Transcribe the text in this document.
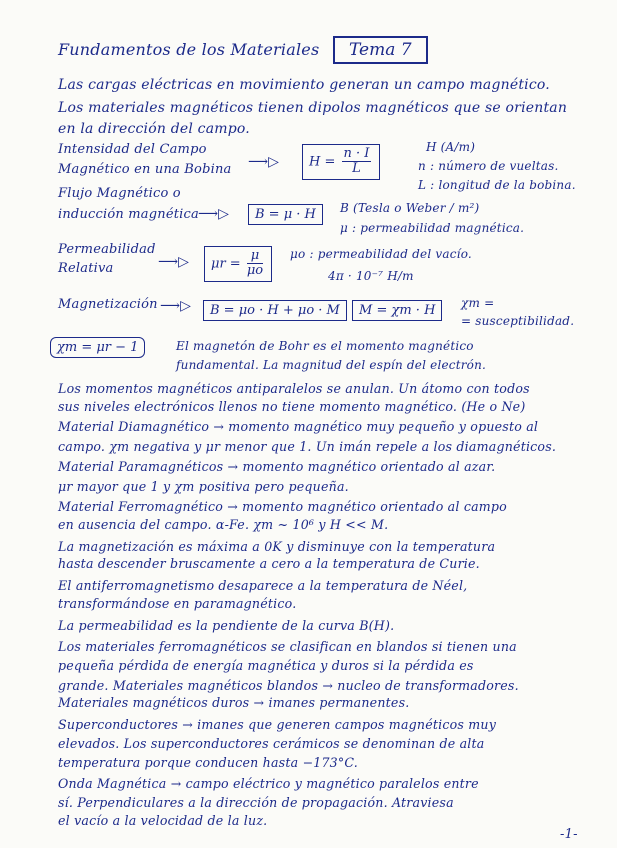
Fundamentos de los Materiales	Tema 7
Las cargas eléctricas en movimiento generan un campo magnético.
Los materiales magnéticos tienen dipolos magnéticos que se orientan
en la dirección del campo.
Intensidad del Campo
Magnético en una Bobina ⟶▷	$H = \frac{n \cdot I}{L}$	H (A/m)
n : número de vueltas.
L : longitud de la bobina.
Flujo Magnético o
inducción magnética ⟶▷	B = μ · H	B (Tesla o Weber / m²)
μ : permeabilidad magnética.
Permeabilidad
Relativa	⟶▷	$\mu r = \frac{\mu}{\mu o}$ μo : permeabilidad del vacío.
4π · 10⁻⁷ H/m
Magnetización ⟶▷	B = μo · H + μo · M	M = χm · H	χm =
= susceptibilidad.
χm = μr − 1	El magnetón de Bohr es el momento magnético
fundamental. La magnitud del espín del electrón.
Los momentos magnéticos antiparalelos se anulan. Un átomo con todos
sus niveles electrónicos llenos no tiene momento magnético. (He o Ne)
Material Diamagnético → momento magnético muy pequeño y opuesto al
campo. χm negativa y μr menor que 1. Un imán repele a los diamagnéticos.
Material Paramagnéticos → momento magnético orientado al azar.
μr mayor que 1 y χm positiva pero pequeña.
Material Ferromagnético → momento magnético orientado al campo
en ausencia del campo. α-Fe. χm ~ 10⁶ y H << M.
La magnetización es máxima a 0K y disminuye con la temperatura
hasta descender bruscamente a cero a la temperatura de Curie.
El antiferromagnetismo desaparece a la temperatura de Néel,
transformándose en paramagnético.
La permeabilidad es la pendiente de la curva B(H).
Los materiales ferromagnéticos se clasifican en blandos si tienen una
pequeña pérdida de energía magnética y duros si la pérdida es
grande. Materiales magnéticos blandos → nucleo de transformadores.
Materiales magnéticos duros → imanes permanentes.
Superconductores → imanes que generen campos magnéticos muy
elevados. Los superconductores cerámicos se denominan de alta
temperatura porque conducen hasta −173°C.
Onda Magnética → campo eléctrico y magnético paralelos entre
sí. Perpendiculares a la dirección de propagación. Atraviesa
el vacío a la velocidad de la luz.
-1-
